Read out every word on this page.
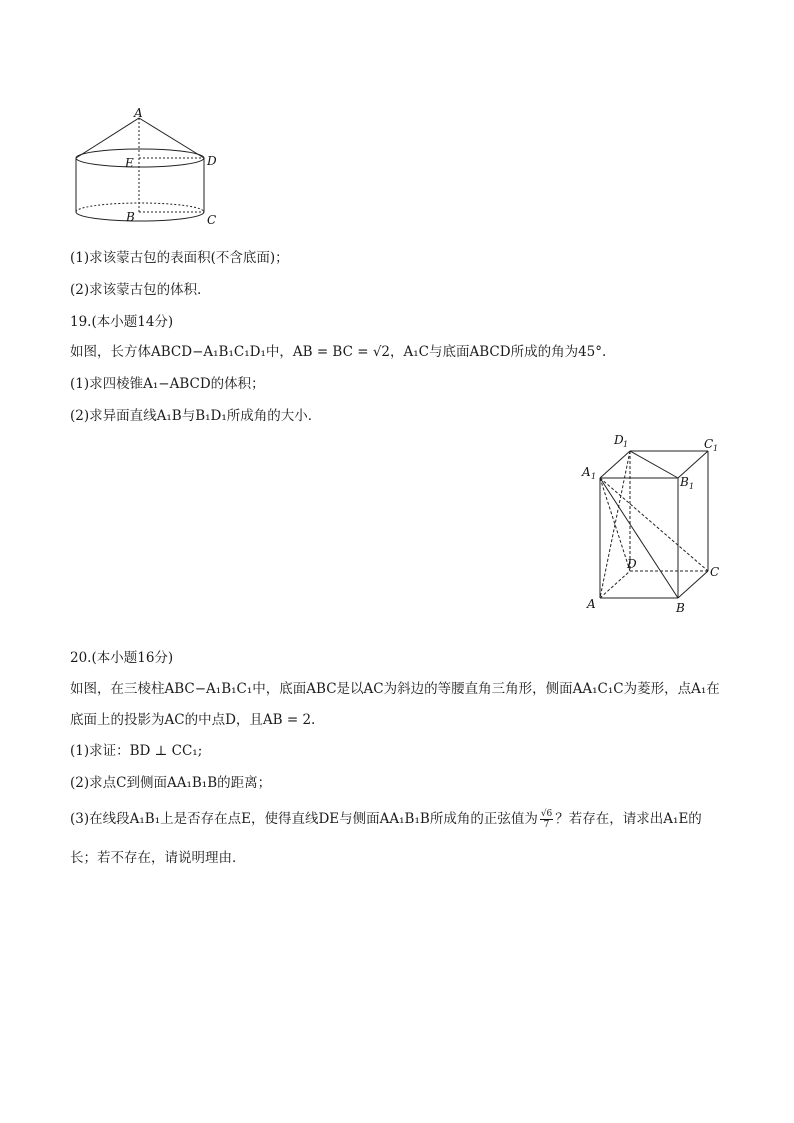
A
E	D
B	C
(1)求该蒙古包的表面积(不含底面)；
(2)求该蒙古包的体积．
19.(本小题14分)
如图，长方体ABCD−A₁B₁C₁D₁中，AB = BC = √2，A₁C与底面ABCD所成的角为45°.
(1)求四棱锥A₁−ABCD的体积；
(2)求异面直线A₁B与B₁D₁所成角的大小．
D 1	C 1
A 1	B 1
D
C
A	B
20.(本小题16分)
如图，在三棱柱ABC−A₁B₁C₁中，底面ABC是以AC为斜边的等腰直角三角形，侧面AA₁C₁C为菱形，点A₁在
底面上的投影为AC的中点D，且AB = 2.
(1)求证：BD ⊥ CC₁;
(2)求点C到侧面AA₁B₁B的距离；
(3)在线段A₁B₁上是否存在点E，使得直线DE与侧面AA₁B₁B所成角的正弦值为 $\frac{√6}{7}$ ？若存在，请求出A₁E的
长；若不存在，请说明理由．
